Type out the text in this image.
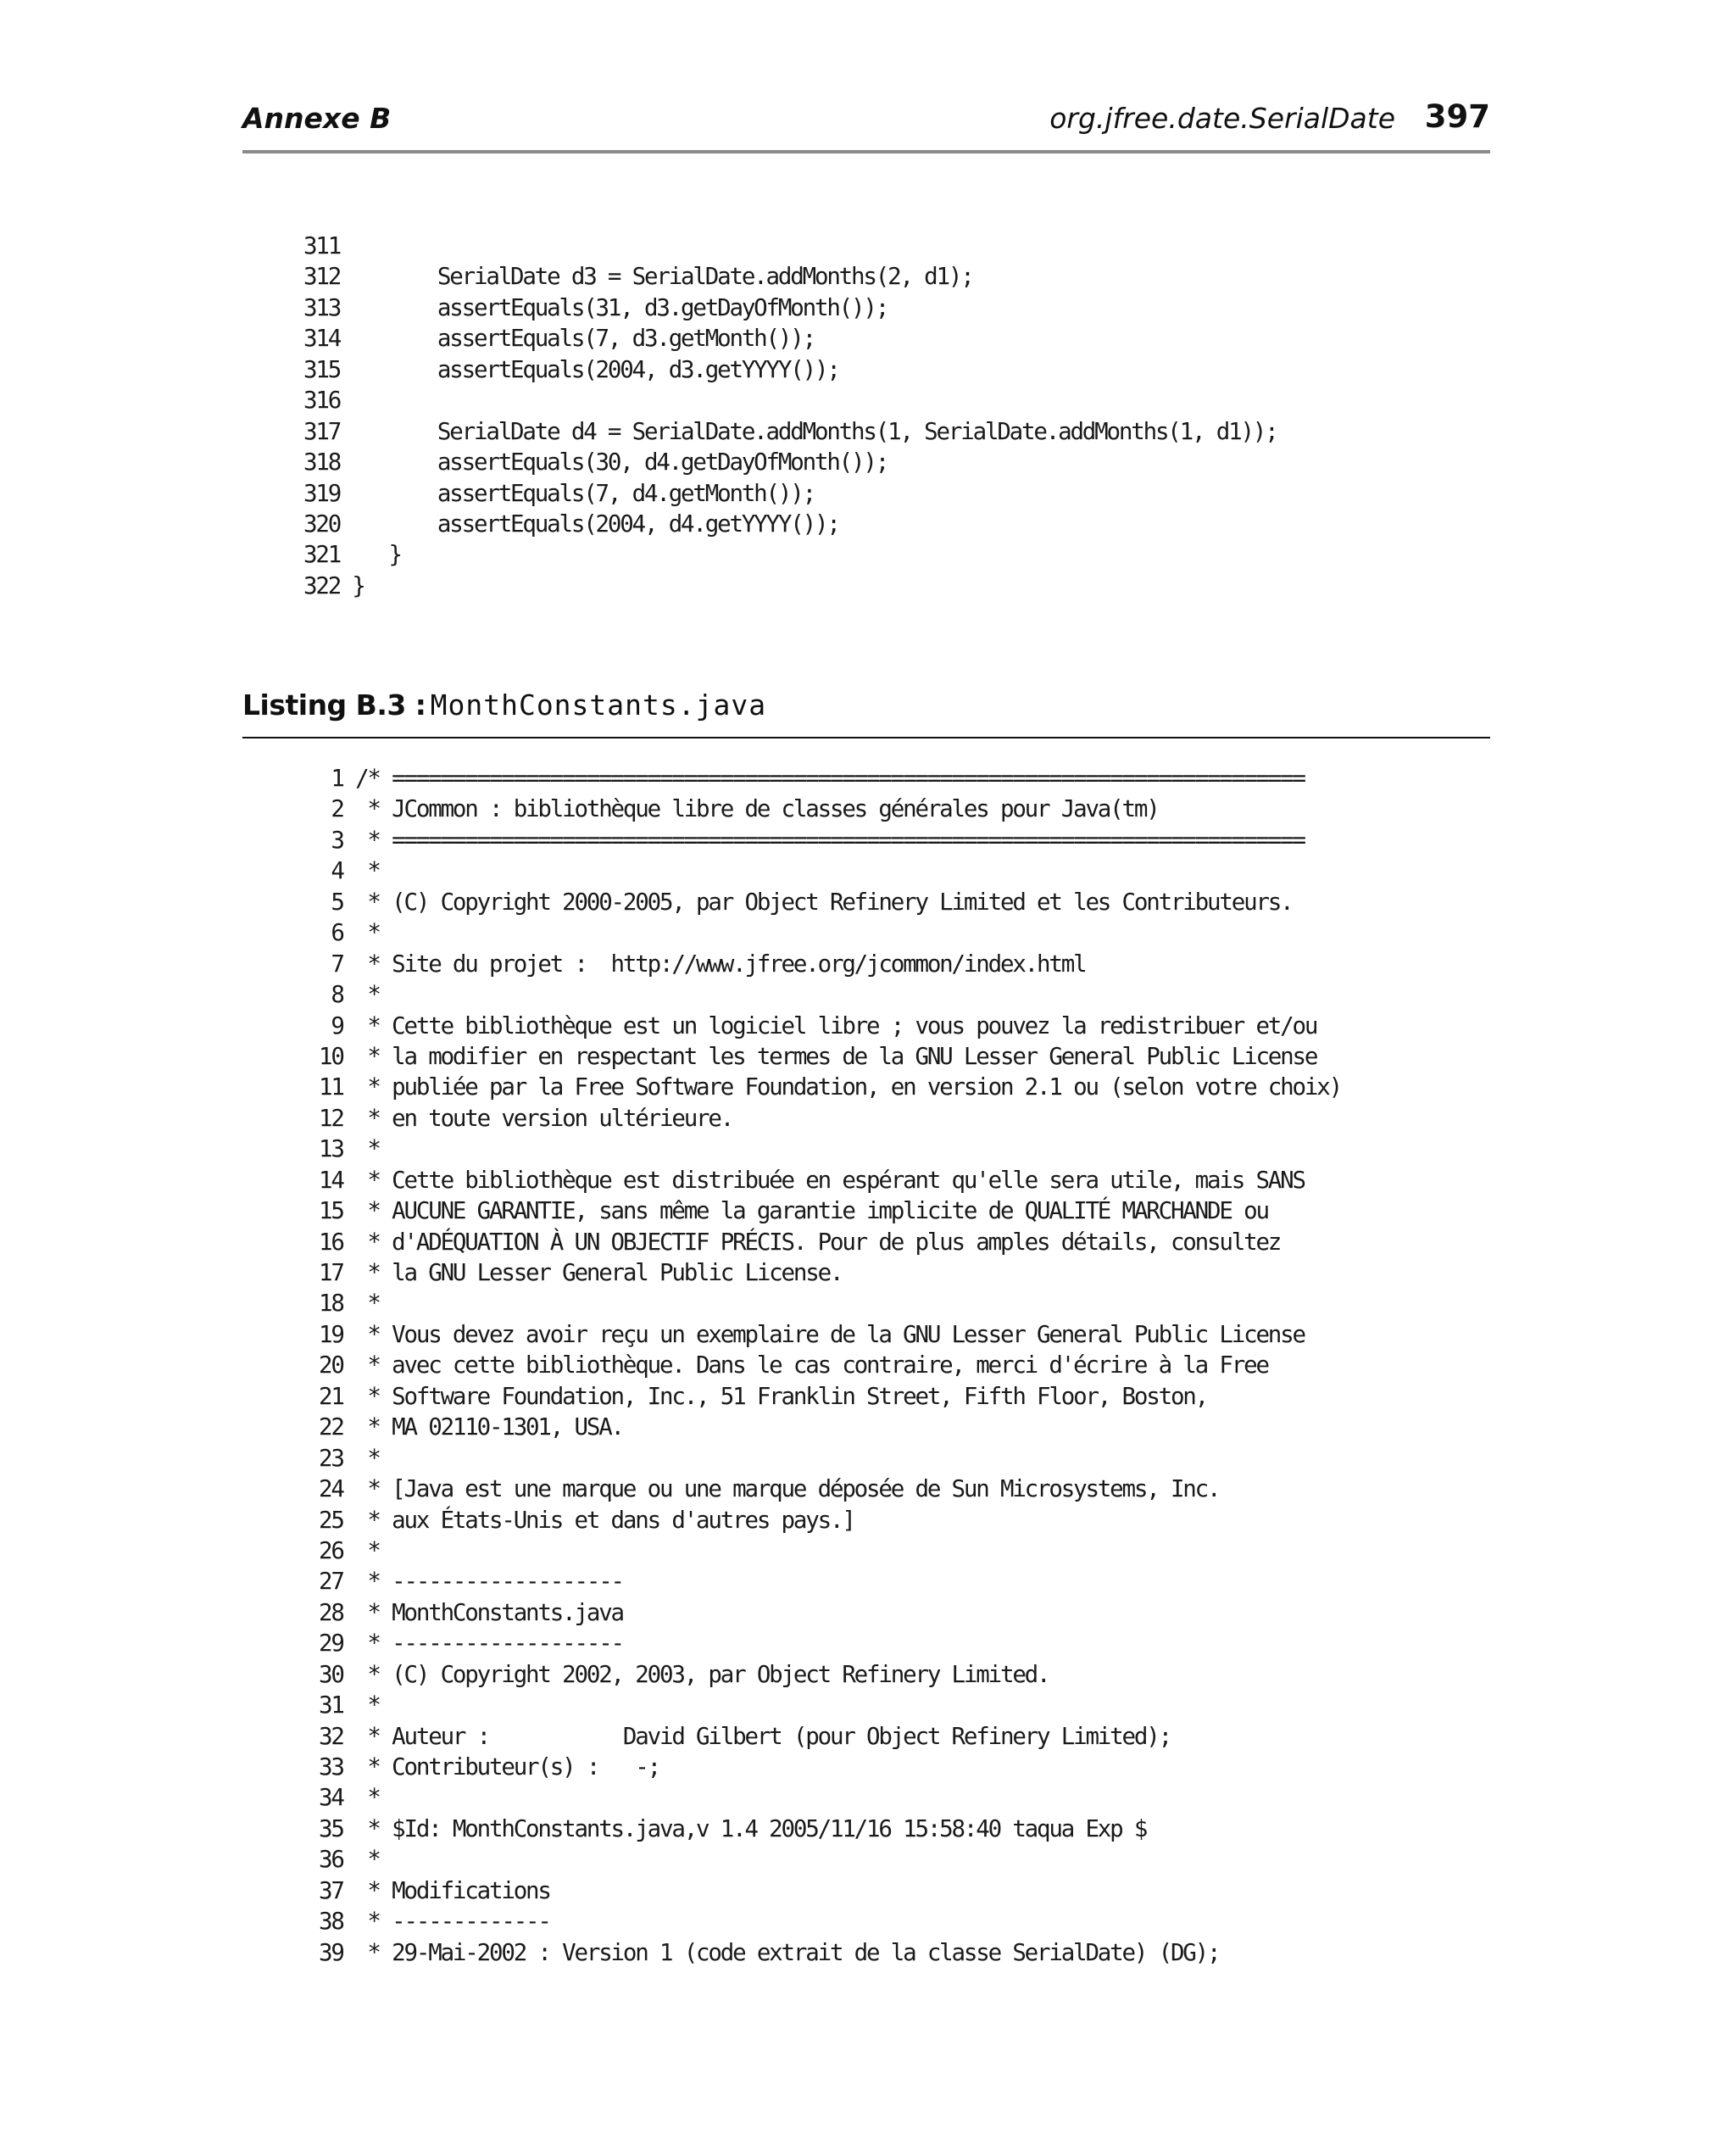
Annexe B	org.jfree.date.SerialDate 397
311
312        SerialDate d3 = SerialDate.addMonths(2, d1);
313        assertEquals(31, d3.getDayOfMonth());
314        assertEquals(7, d3.getMonth());
315        assertEquals(2004, d3.getYYYY());
316
317        SerialDate d4 = SerialDate.addMonths(1, SerialDate.addMonths(1, d1));
318        assertEquals(30, d4.getDayOfMonth());
319        assertEquals(7, d4.getMonth());
320        assertEquals(2004, d4.getYYYY());
321    }
322 }
Listing B.3 : MonthConstants.java
1 /* ===========================================================================
2  * JCommon : bibliothèque libre de classes générales pour Java(tm)
3  * ===========================================================================
4  *
5  * (C) Copyright 2000-2005, par Object Refinery Limited et les Contributeurs.
6  *
7  * Site du projet :  http://www.jfree.org/jcommon/index.html
8  *
9  * Cette bibliothèque est un logiciel libre ; vous pouvez la redistribuer et/ou
10  * la modifier en respectant les termes de la GNU Lesser General Public License
11  * publiée par la Free Software Foundation, en version 2.1 ou (selon votre choix)
12  * en toute version ultérieure.
13  *
14  * Cette bibliothèque est distribuée en espérant qu'elle sera utile, mais SANS
15  * AUCUNE GARANTIE, sans même la garantie implicite de QUALITÉ MARCHANDE ou
16  * d'ADÉQUATION À UN OBJECTIF PRÉCIS. Pour de plus amples détails, consultez
17  * la GNU Lesser General Public License.
18  *
19  * Vous devez avoir reçu un exemplaire de la GNU Lesser General Public License
20  * avec cette bibliothèque. Dans le cas contraire, merci d'écrire à la Free
21  * Software Foundation, Inc., 51 Franklin Street, Fifth Floor, Boston,
22  * MA 02110-1301, USA.
23  *
24  * [Java est une marque ou une marque déposée de Sun Microsystems, Inc.
25  * aux États-Unis et dans d'autres pays.]
26  *
27  * -------------------
28  * MonthConstants.java
29  * -------------------
30  * (C) Copyright 2002, 2003, par Object Refinery Limited.
31  *
32  * Auteur :           David Gilbert (pour Object Refinery Limited);
33  * Contributeur(s) :   -;
34  *
35  * $Id: MonthConstants.java,v 1.4 2005/11/16 15:58:40 taqua Exp $
36  *
37  * Modifications
38  * -------------
39  * 29-Mai-2002 : Version 1 (code extrait de la classe SerialDate) (DG);
